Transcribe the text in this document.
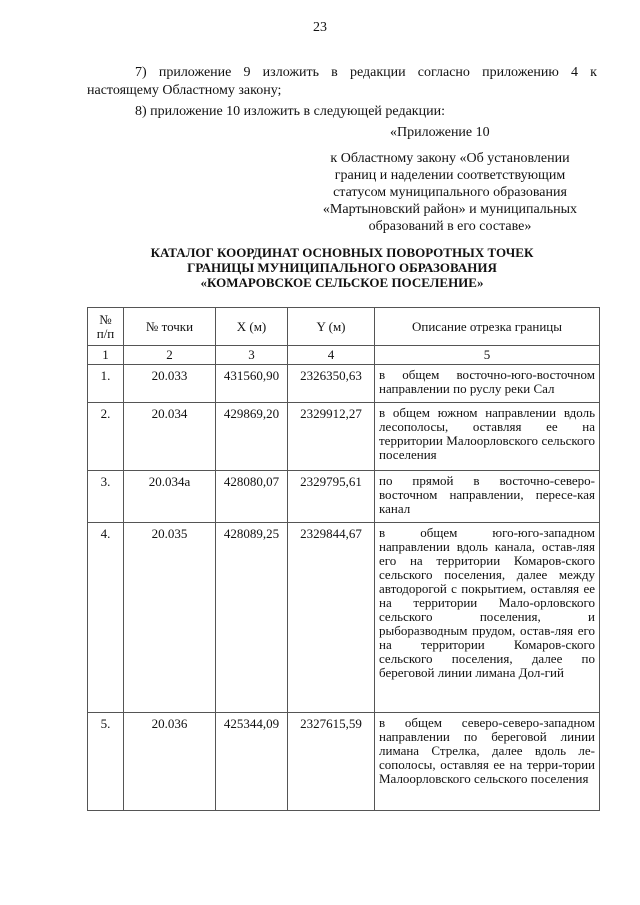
23
7) приложение 9 изложить в редакции согласно приложению 4 к
настоящему Областному закону;
8) приложение 10 изложить в следующей редакции:
«Приложение 10
к Областному закону «Об установлении
границ и наделении соответствующим
статусом муниципального образования
«Мартыновский район» и муниципальных
образований в его составе»
КАТАЛОГ КООРДИНАТ ОСНОВНЫХ ПОВОРОТНЫХ ТОЧЕК
ГРАНИЦЫ МУНИЦИПАЛЬНОГО ОБРАЗОВАНИЯ
«КОМАРОВСКОЕ СЕЛЬСКОЕ ПОСЕЛЕНИЕ»
№
п/п	№ точки	X (м)	Y (м)	Описание отрезка границы
1	2	3	4	5
1.	20.033	431560,90	2326350,63	в общем восточно-юго-восточном направлении по руслу реки Сал
2.	20.034	429869,20	2329912,27	в общем южном направлении вдоль лесополосы, оставляя ее на территории Малоорловского сельского поселения
3.	20.034а	428080,07	2329795,61	по прямой в восточно-северо-восточном направлении, пересе-кая канал
4.	20.035	428089,25	2329844,67	в общем юго-юго-западном направлении вдоль канала, остав-ляя его на территории Комаров-ского сельского поселения, далее между автодорогой с покрытием, оставляя ее на территории Мало-орловского сельского поселения, и рыборазводным прудом, остав-ляя его на территории Комаров-ского сельского поселения, далее по береговой линии лимана Дол-гий
5.	20.036	425344,09	2327615,59	в общем северо-северо-западном направлении по береговой линии лимана Стрелка, далее вдоль ле-сополосы, оставляя ее на терри-тории Малоорловского сельского поселения
